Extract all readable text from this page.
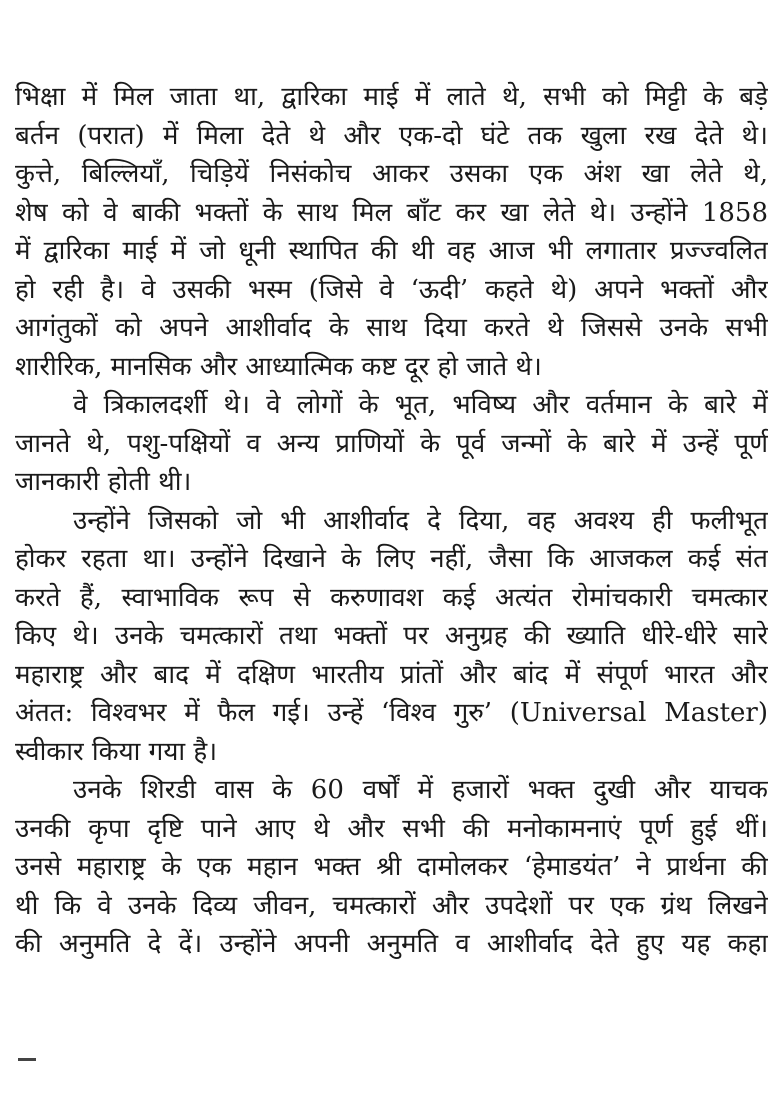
भिक्षा में मिल जाता था, द्वारिका माई में लाते थे, सभी को मिट्टी के बड़े
बर्तन (परात) में मिला देते थे और एक-दो घंटे तक खुला रख देते थे।
कुत्ते, बिल्लियाँ, चिड़ियें निसंकोच आकर उसका एक अंश खा लेते थे,
शेष को वे बाकी भक्तों के साथ मिल बाँट कर खा लेते थे। उन्होंने 1858
में द्वारिका माई में जो धूनी स्थापित की थी वह आज भी लगातार प्रज्ज्वलित
हो रही है। वे उसकी भस्म (जिसे वे ‘ऊदी’ कहते थे) अपने भक्तों और
आगंतुकों को अपने आशीर्वाद के साथ दिया करते थे जिससे उनके सभी
शारीरिक, मानसिक और आध्यात्मिक कष्ट दूर हो जाते थे।
वे त्रिकालदर्शी थे। वे लोगों के भूत, भविष्य और वर्तमान के बारे में
जानते थे, पशु-पक्षियों व अन्य प्राणियों के पूर्व जन्मों के बारे में उन्हें पूर्ण
जानकारी होती थी।
उन्होंने जिसको जो भी आशीर्वाद दे दिया, वह अवश्य ही फलीभूत
होकर रहता था। उन्होंने दिखाने के लिए नहीं, जैसा कि आजकल कई संत
करते हैं, स्वाभाविक रूप से करुणावश कई अत्यंत रोमांचकारी चमत्कार
किए थे। उनके चमत्कारों तथा भक्तों पर अनुग्रह की ख्याति धीरे-धीरे सारे
महाराष्ट्र और बाद में दक्षिण भारतीय प्रांतों और बांद में संपूर्ण भारत और
अंतत: विश्वभर में फैल गई। उन्हें ‘विश्व गुरु’ (Universal Master)
स्वीकार किया गया है।
उनके शिरडी वास के 60 वर्षों में हजारों भक्त दुखी और याचक
उनकी कृपा दृष्टि पाने आए थे और सभी की मनोकामनाएं पूर्ण हुई थीं।
उनसे महाराष्ट्र के एक महान भक्त श्री दामोलकर ‘हेमाडयंत’ ने प्रार्थना की
थी कि वे उनके दिव्य जीवन, चमत्कारों और उपदेशों पर एक ग्रंथ लिखने
की अनुमति दे दें। उन्होंने अपनी अनुमति व आशीर्वाद देते हुए यह कहा
